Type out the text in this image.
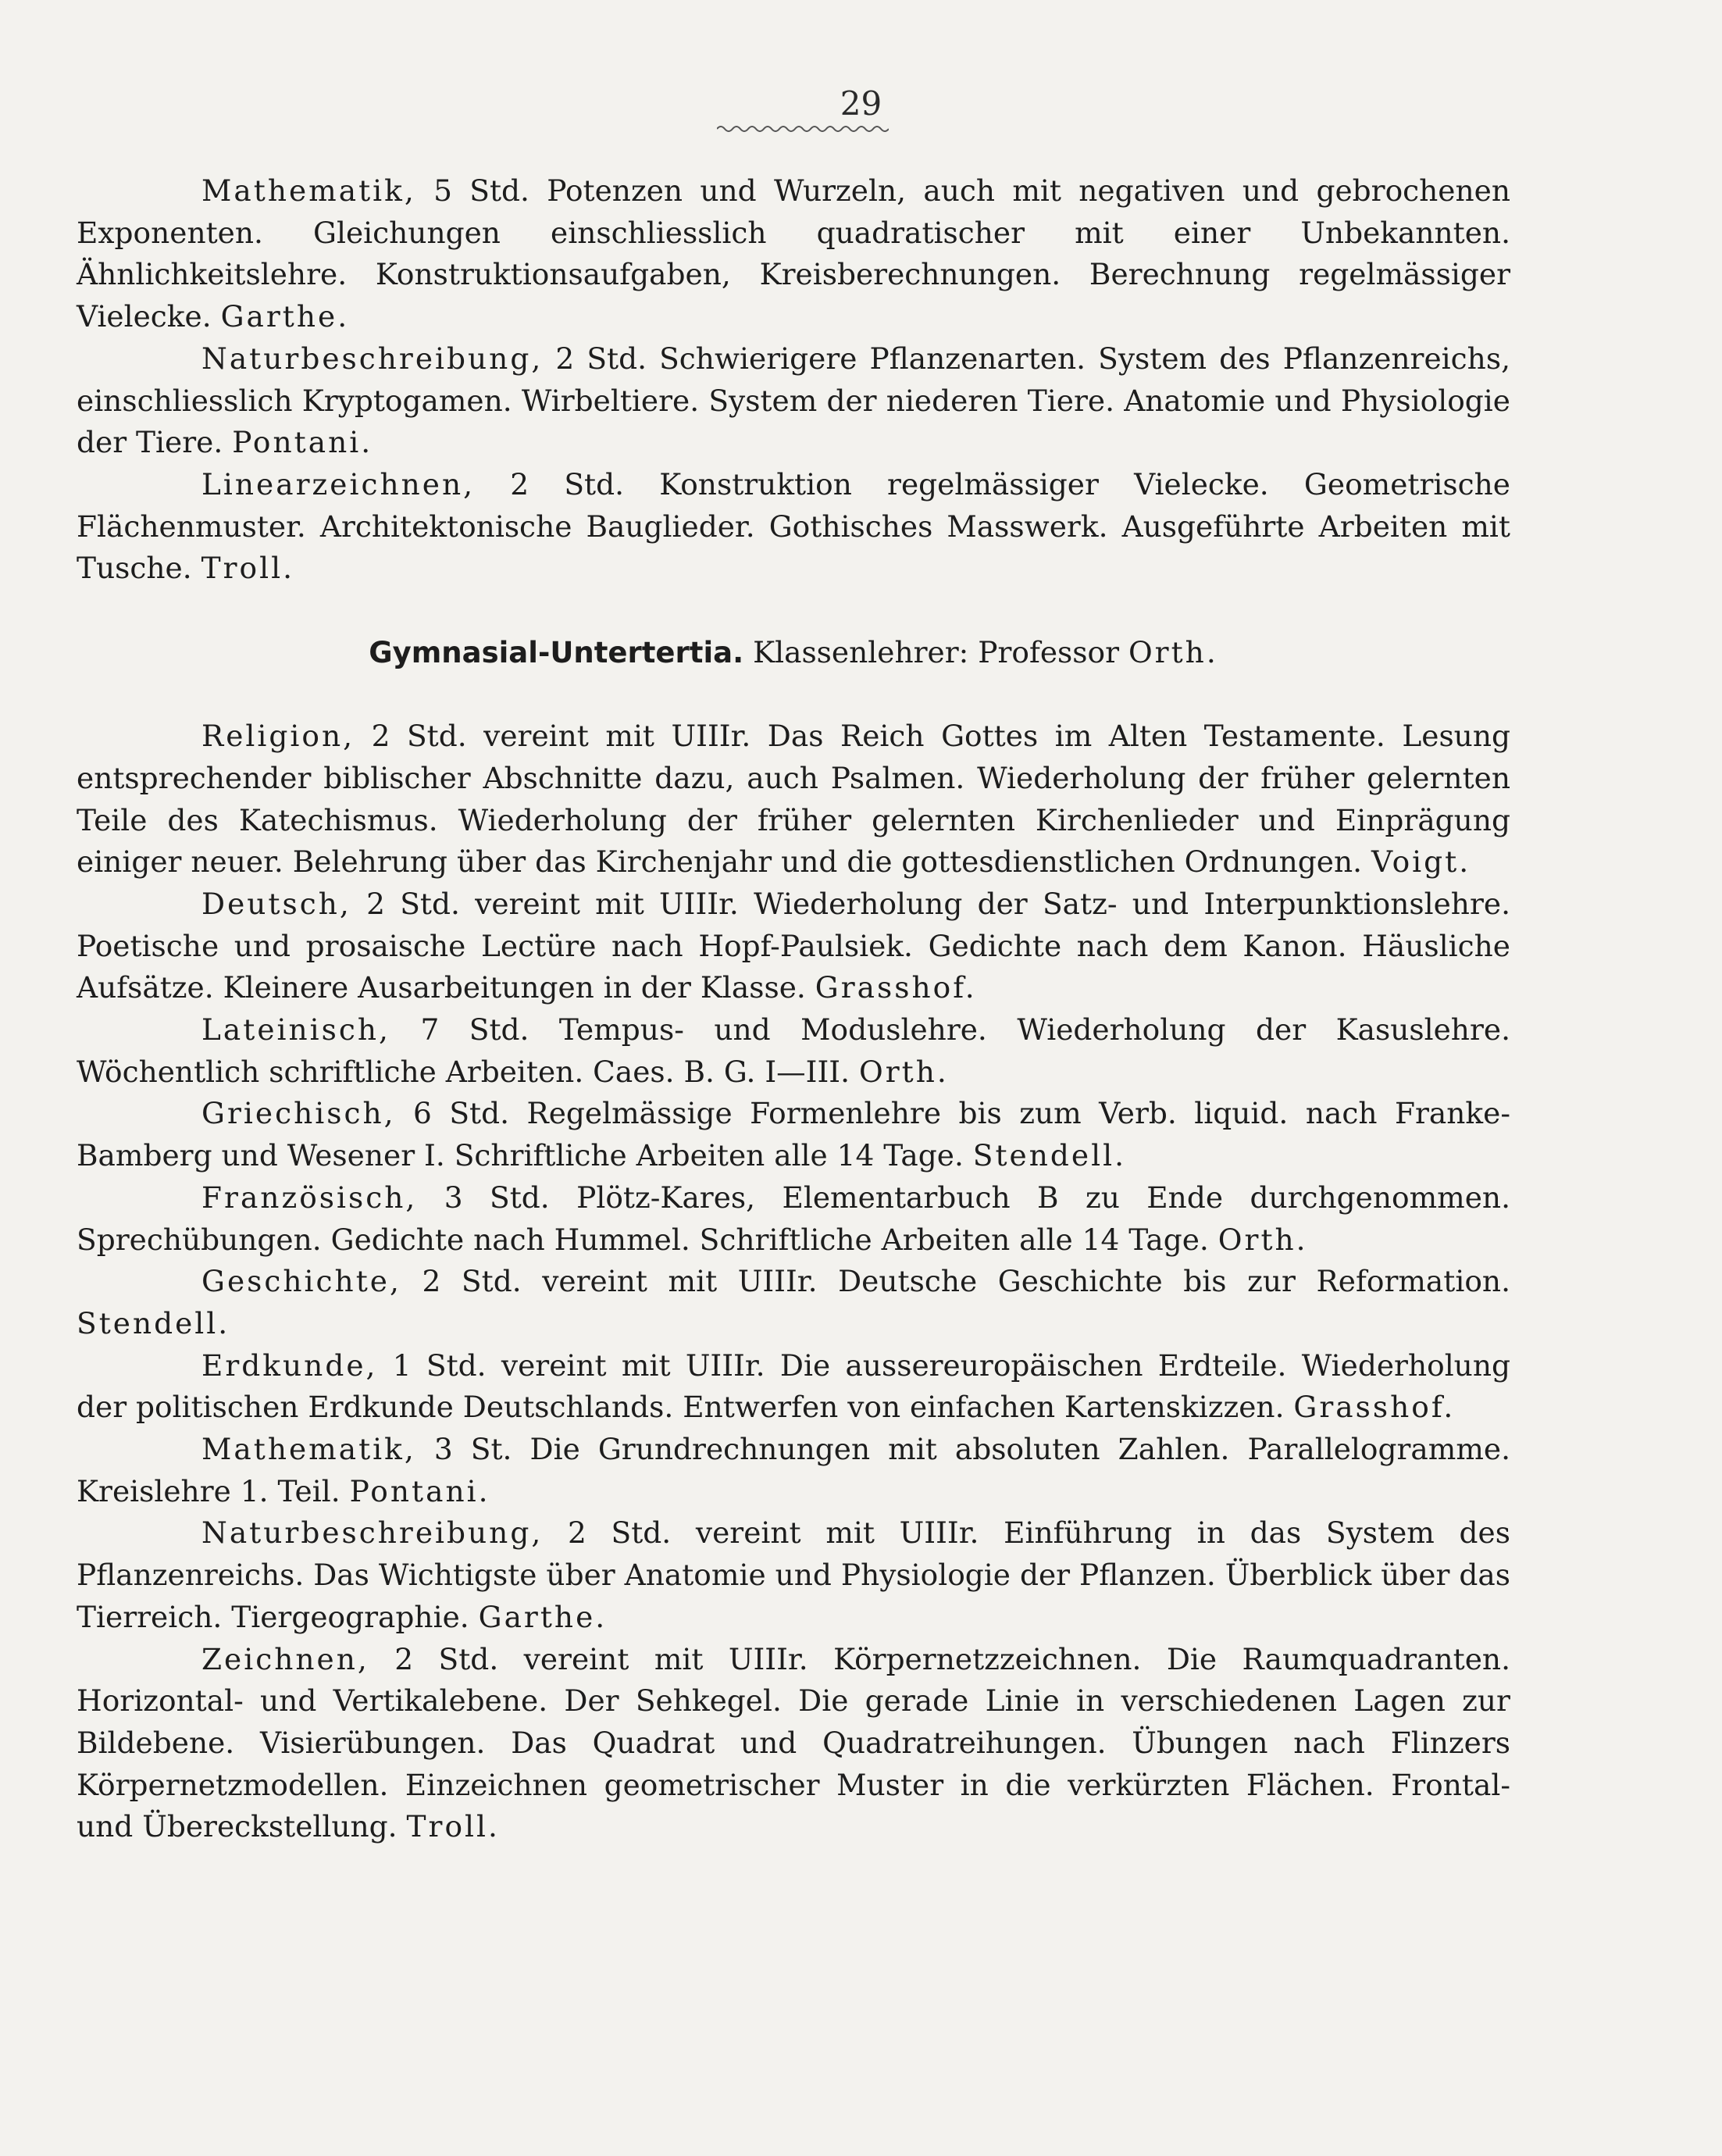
29

Mathematik, 5 Std. Potenzen und Wurzeln, auch mit negativen und gebrochenen Exponenten. Gleichungen einschliesslich quadratischer mit einer Unbekannten. Ähnlichkeitslehre. Konstruktionsaufgaben, Kreisberechnungen. Berechnung regelmässiger Vielecke. Garthe.

Naturbeschreibung, 2 Std. Schwierigere Pflanzenarten. System des Pflanzenreichs, einschliesslich Kryptogamen. Wirbeltiere. System der niederen Tiere. Anatomie und Physiologie der Tiere. Pontani.

Linearzeichnen, 2 Std. Konstruktion regelmässiger Vielecke. Geometrische Flächenmuster. Architektonische Bauglieder. Gothisches Masswerk. Ausgeführte Arbeiten mit Tusche. Troll.

Gymnasial-Untertertia. Klassenlehrer: Professor Orth.

Religion, 2 Std. vereint mit UIIIr. Das Reich Gottes im Alten Testamente. Lesung entsprechender biblischer Abschnitte dazu, auch Psalmen. Wiederholung der früher gelernten Teile des Katechismus. Wiederholung der früher gelernten Kirchenlieder und Einprägung einiger neuer. Belehrung über das Kirchenjahr und die gottesdienstlichen Ordnungen. Voigt.

Deutsch, 2 Std. vereint mit UIIIr. Wiederholung der Satz- und Interpunktionslehre. Poetische und prosaische Lectüre nach Hopf-Paulsiek. Gedichte nach dem Kanon. Häusliche Aufsätze. Kleinere Ausarbeitungen in der Klasse. Grasshof.

Lateinisch, 7 Std. Tempus- und Moduslehre. Wiederholung der Kasuslehre. Wöchentlich schriftliche Arbeiten. Caes. B. G. I—III. Orth.

Griechisch, 6 Std. Regelmässige Formenlehre bis zum Verb. liquid. nach Franke-Bamberg und Wesener I. Schriftliche Arbeiten alle 14 Tage. Stendell.

Französisch, 3 Std. Plötz-Kares, Elementarbuch B zu Ende durchgenommen. Sprechübungen. Gedichte nach Hummel. Schriftliche Arbeiten alle 14 Tage. Orth.

Geschichte, 2 Std. vereint mit UIIIr. Deutsche Geschichte bis zur Reformation. Stendell.

Erdkunde, 1 Std. vereint mit UIIIr. Die aussereuropäischen Erdteile. Wiederholung der politischen Erdkunde Deutschlands. Entwerfen von einfachen Kartenskizzen. Grasshof.

Mathematik, 3 St. Die Grundrechnungen mit absoluten Zahlen. Parallelogramme. Kreislehre 1. Teil. Pontani.

Naturbeschreibung, 2 Std. vereint mit UIIIr. Einführung in das System des Pflanzenreichs. Das Wichtigste über Anatomie und Physiologie der Pflanzen. Überblick über das Tierreich. Tiergeographie. Garthe.

Zeichnen, 2 Std. vereint mit UIIIr. Körpernetzzeichnen. Die Raumquadranten. Horizontal- und Vertikalebene. Der Sehkegel. Die gerade Linie in verschiedenen Lagen zur Bildebene. Visierübungen. Das Quadrat und Quadratreihungen. Übungen nach Flinzers Körpernetzmodellen. Einzeichnen geometrischer Muster in die verkürzten Flächen. Frontal- und Übereckstellung. Troll.
